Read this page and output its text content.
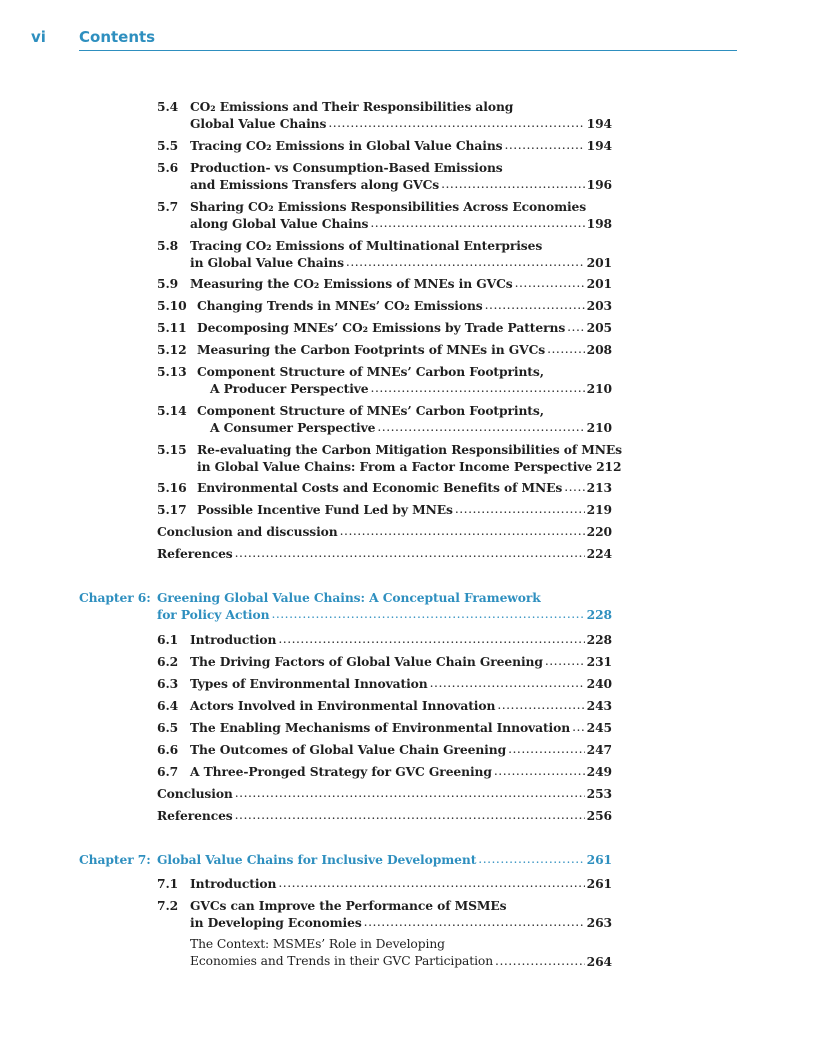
vi Contents
5.4 CO₂ Emissions and Their Responsibilities along
Global Value Chains .....	194
5.5 Tracing CO₂ Emissions in Global Value Chains .....	194
5.6 Production- vs Consumption-Based Emissions
and Emissions Transfers along GVCs .....	196
5.7 Sharing CO₂ Emissions Responsibilities Across Economies
along Global Value Chains .....	198
5.8 Tracing CO₂ Emissions of Multinational Enterprises
in Global Value Chains .....	201
5.9 Measuring the CO₂ Emissions of MNEs in GVCs .....	201
5.10 Changing Trends in MNEs’ CO₂ Emissions .....	203
5.11 Decomposing MNEs’ CO₂ Emissions by Trade Patterns ..... 205
5.12 Measuring the Carbon Footprints of MNEs in GVCs .....	208
5.13 Component Structure of MNEs’ Carbon Footprints,
A Producer Perspective .....	210
5.14 Component Structure of MNEs’ Carbon Footprints,
A Consumer Perspective .....	210
5.15 Re-evaluating the Carbon Mitigation Responsibilities of MNEs
in Global Value Chains: From a Factor Income Perspective 212
5.16 Environmental Costs and Economic Benefits of MNEs ..... 213
5.17 Possible Incentive Fund Led by MNEs .....	219
Conclusion and discussion .....	220
References .....	224
Chapter 6: Greening Global Value Chains: A Conceptual Framework
for Policy Action .....	228
6.1 Introduction .....	228
6.2 The Driving Factors of Global Value Chain Greening .....	231
6.3 Types of Environmental Innovation .....	240
6.4 Actors Involved in Environmental Innovation .....	243
6.5 The Enabling Mechanisms of Environmental Innovation ..... 245
6.6 The Outcomes of Global Value Chain Greening .....	247
6.7 A Three-Pronged Strategy for GVC Greening .....	249
Conclusion .....	253
References .....	256
Chapter 7: Global Value Chains for Inclusive Development .....	261
7.1 Introduction .....	261
7.2 GVCs can Improve the Performance of MSMEs
in Developing Economies .....	263
The Context: MSMEs’ Role in Developing
Economies and Trends in their GVC Participation .....	264
